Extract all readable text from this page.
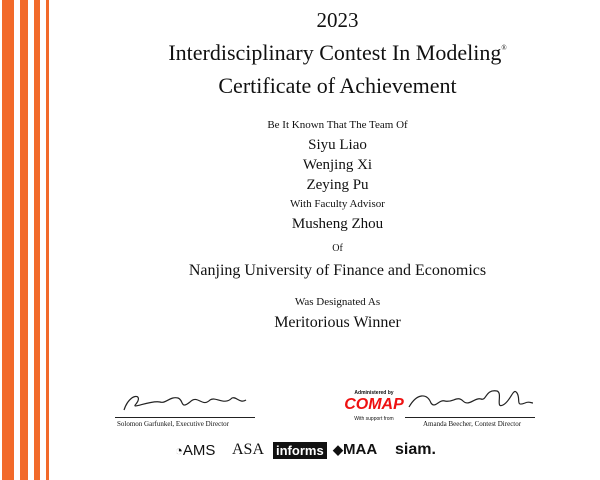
2023
Interdisciplinary Contest In Modeling®
Certificate of Achievement
Be It Known That The Team Of
Siyu Liao
Wenjing Xi
Zeying Pu
With Faculty Advisor
Musheng Zhou
Of
Nanjing University of Finance and Economics
Was Designated As
Meritorious Winner
Solomon Garfunkel, Executive Director
Administered by
COMAP
With support from
Amanda Beecher, Contest Director
◔AMS ASA informs ◆MAA siam.
